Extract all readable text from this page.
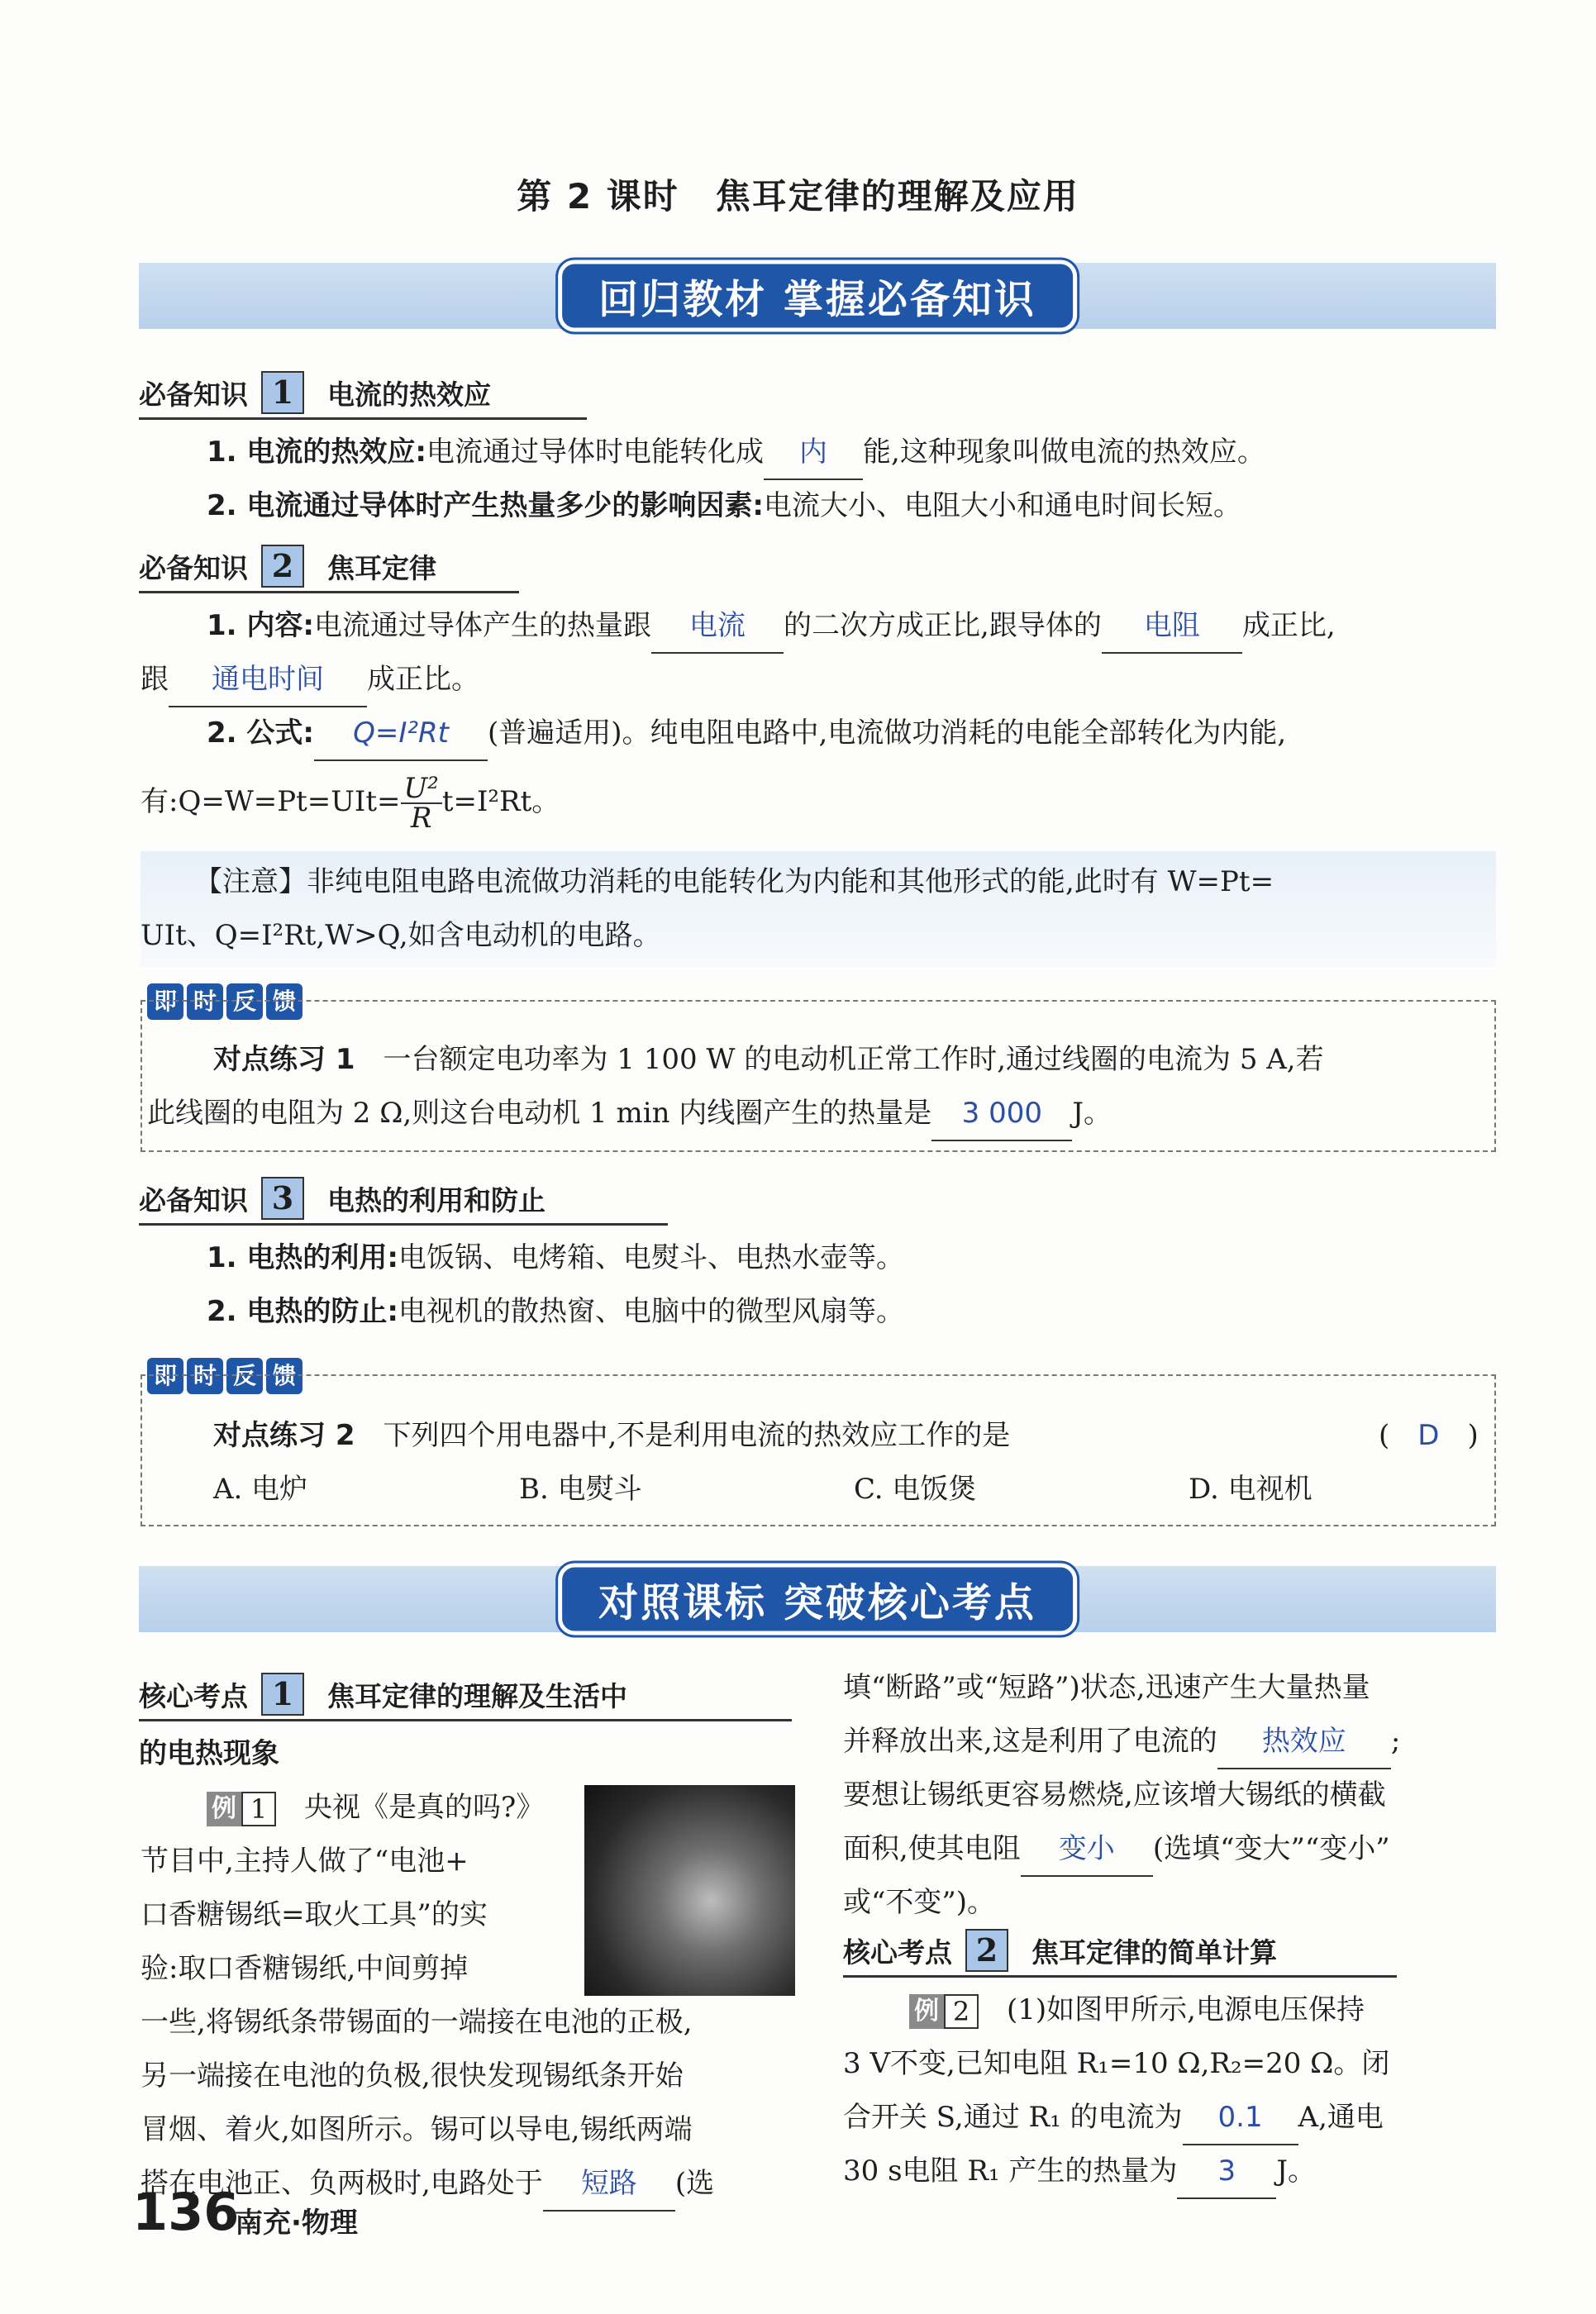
第 2 课时　焦耳定律的理解及应用
回归教材 掌握必备知识
必备知识 1	电流的热效应
1. 电流的热效应:电流通过导体时电能转化成 内 能,这种现象叫做电流的热效应。
2. 电流通过导体时产生热量多少的影响因素:电流大小、电阻大小和通电时间长短。
必备知识 2	焦耳定律
1. 内容:电流通过导体产生的热量跟 电流 的二次方成正比,跟导体的 电阻 成正比,
跟 通电时间 成正比。
2. 公式: Q=I²Rt (普遍适用)。纯电阻电路中,电流做功消耗的电能全部转化为内能,
有:Q=W=Pt=UIt= $\frac{\text{U²}}{R} t=I^2Rt$。
【注意】非纯电阻电路电流做功消耗的电能转化为内能和其他形式的能,此时有 W=Pt=
UIt、Q=I²Rt,W>Q,如含电动机的电路。
即 时 反 馈
对点练习 1　 一台额定电功率为 1 100 W 的电动机正常工作时,通过线圈的电流为 5 A,若
此线圈的电阻为 2 Ω,则这台电动机 1 min 内线圈产生的热量是 3 000 J。
必备知识 3	电热的利用和防止
1. 电热的利用:电饭锅、电烤箱、电熨斗、电热水壶等。
2. 电热的防止:电视机的散热窗、电脑中的微型风扇等。
即 时 反 馈
对点练习 2　 下列四个用电器中,不是利用电流的热效应工作的是	(　D　)
A. 电炉	B. 电熨斗	C. 电饭煲	D. 电视机
对照课标 突破核心考点
核心考点 1	焦耳定律的理解及生活中
的电热现象
例 1　 央视《是真的吗?》
节目中,主持人做了“电池+
口香糖锡纸=取火工具”的实
验:取口香糖锡纸,中间剪掉
一些,将锡纸条带锡面的一端接在电池的正极,
另一端接在电池的负极,很快发现锡纸条开始
冒烟、着火,如图所示。锡可以导电,锡纸两端
搭在电池正、负两极时,电路处于 短路 (选
填“断路”或“短路”)状态,迅速产生大量热量
并释放出来,这是利用了电流的 热效应 ;
要想让锡纸更容易燃烧,应该增大锡纸的横截
面积,使其电阻 变小 (选填“变大”“变小”
或“不变”)。
核心考点 2	焦耳定律的简单计算
例 2　 (1)如图甲所示,电源电压保持
3 V不变,已知电阻 R₁=10 Ω,R₂=20 Ω。闭
合开关 S,通过 R₁ 的电流为 0.1 A,通电
30 s电阻 R₁ 产生的热量为 3 J。
136
南充·物理
